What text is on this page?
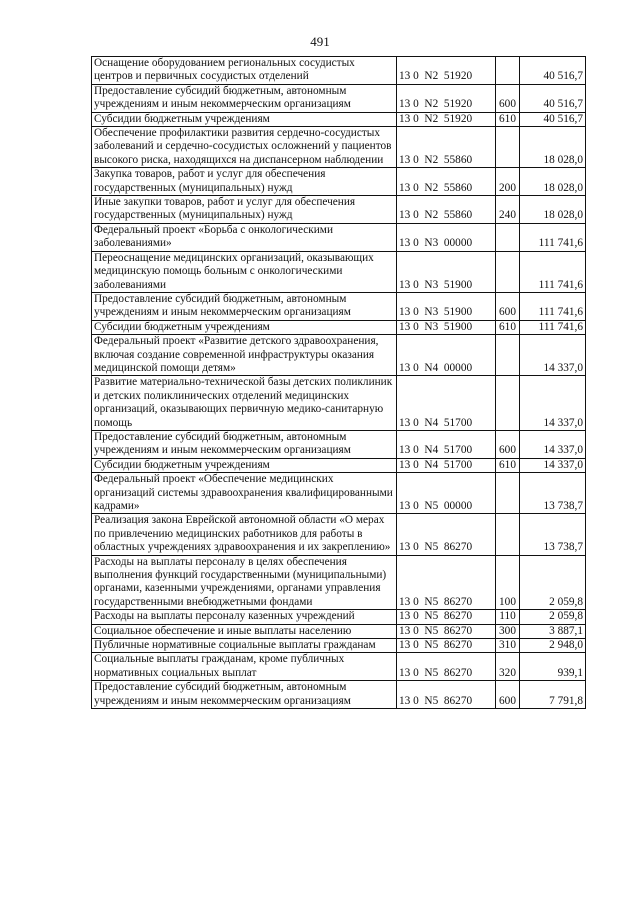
491
Оснащение оборудованием региональных сосудистых центров и первичных сосудистых отделений	13 0  N2  51920		40 516,7
Предоставление субсидий бюджетным, автономным учреждениям и иным некоммерческим организациям	13 0  N2  51920	600	40 516,7
Субсидии бюджетным учреждениям	13 0  N2  51920	610	40 516,7
Обеспечение профилактики развития сердечно-сосудистых заболеваний и сердечно-сосудистых осложнений у пациентов высокого риска, находящихся на диспансерном наблюдении	13 0  N2  55860		18 028,0
Закупка товаров, работ и услуг для обеспечения государственных (муниципальных) нужд	13 0  N2  55860	200	18 028,0
Иные закупки товаров, работ и услуг для обеспечения государственных (муниципальных) нужд	13 0  N2  55860	240	18 028,0
Федеральный проект «Борьба с онкологическими заболеваниями»	13 0  N3  00000		111 741,6
Переоснащение медицинских организаций, оказывающих медицинскую помощь больным с онкологическими заболеваниями	13 0  N3  51900		111 741,6
Предоставление субсидий бюджетным, автономным учреждениям и иным некоммерческим организациям	13 0  N3  51900	600	111 741,6
Субсидии бюджетным учреждениям	13 0  N3  51900	610	111 741,6
Федеральный проект «Развитие детского здравоохранения, включая создание современной инфраструктуры оказания медицинской помощи детям»	13 0  N4  00000		14 337,0
Развитие материально-технической базы детских поликлиник и детских поликлинических отделений медицинских организаций, оказывающих первичную медико-санитарную помощь	13 0  N4  51700		14 337,0
Предоставление субсидий бюджетным, автономным учреждениям и иным некоммерческим организациям	13 0  N4  51700	600	14 337,0
Субсидии бюджетным учреждениям	13 0  N4  51700	610	14 337,0
Федеральный проект «Обеспечение медицинских организаций системы здравоохранения квалифицированными кадрами»	13 0  N5  00000		13 738,7
Реализация закона Еврейской автономной области «О мерах по привлечению медицинских работников для работы в областных учреждениях здравоохранения и их закреплению»	13 0  N5  86270		13 738,7
Расходы на выплаты персоналу в целях обеспечения выполнения функций государственными (муниципальными) органами, казенными учреждениями, органами управления государственными внебюджетными фондами	13 0  N5  86270	100	2 059,8
Расходы на выплаты персоналу казенных учреждений	13 0  N5  86270	110	2 059,8
Социальное обеспечение и иные выплаты населению	13 0  N5  86270	300	3 887,1
Публичные нормативные социальные выплаты гражданам	13 0  N5  86270	310	2 948,0
Социальные выплаты гражданам, кроме публичных нормативных социальных выплат	13 0  N5  86270	320	939,1
Предоставление субсидий бюджетным, автономным учреждениям и иным некоммерческим организациям	13 0  N5  86270	600	7 791,8
